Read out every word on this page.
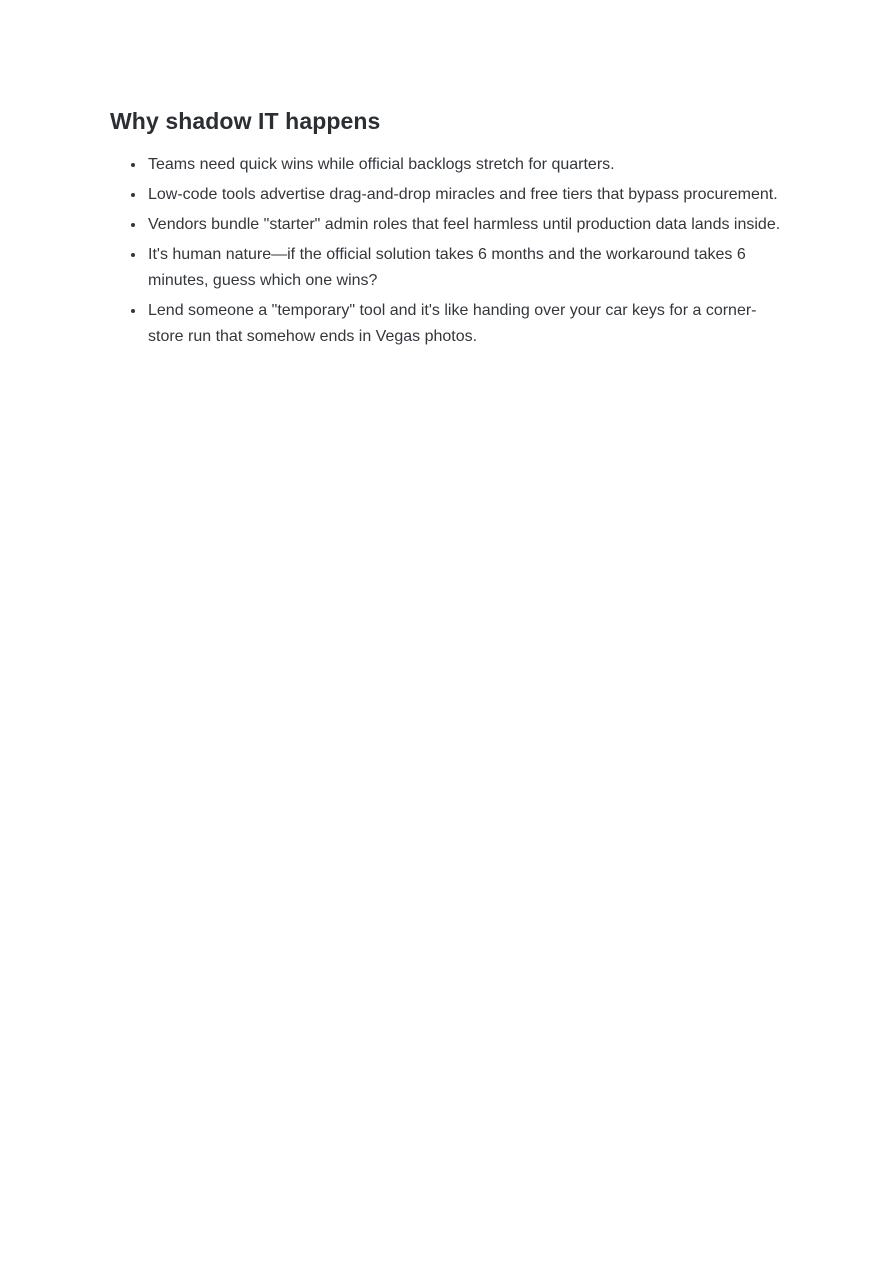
Why shadow IT happens
• Teams need quick wins while official backlogs stretch for quarters.
• Low-code tools advertise drag-and-drop miracles and free tiers that bypass procurement.
• Vendors bundle "starter" admin roles that feel harmless until production data lands inside.
• It's human nature—if the official solution takes 6 months and the workaround takes 6 minutes, guess which one wins?
• Lend someone a "temporary" tool and it's like handing over your car keys for a corner-store run that somehow ends in Vegas photos.
